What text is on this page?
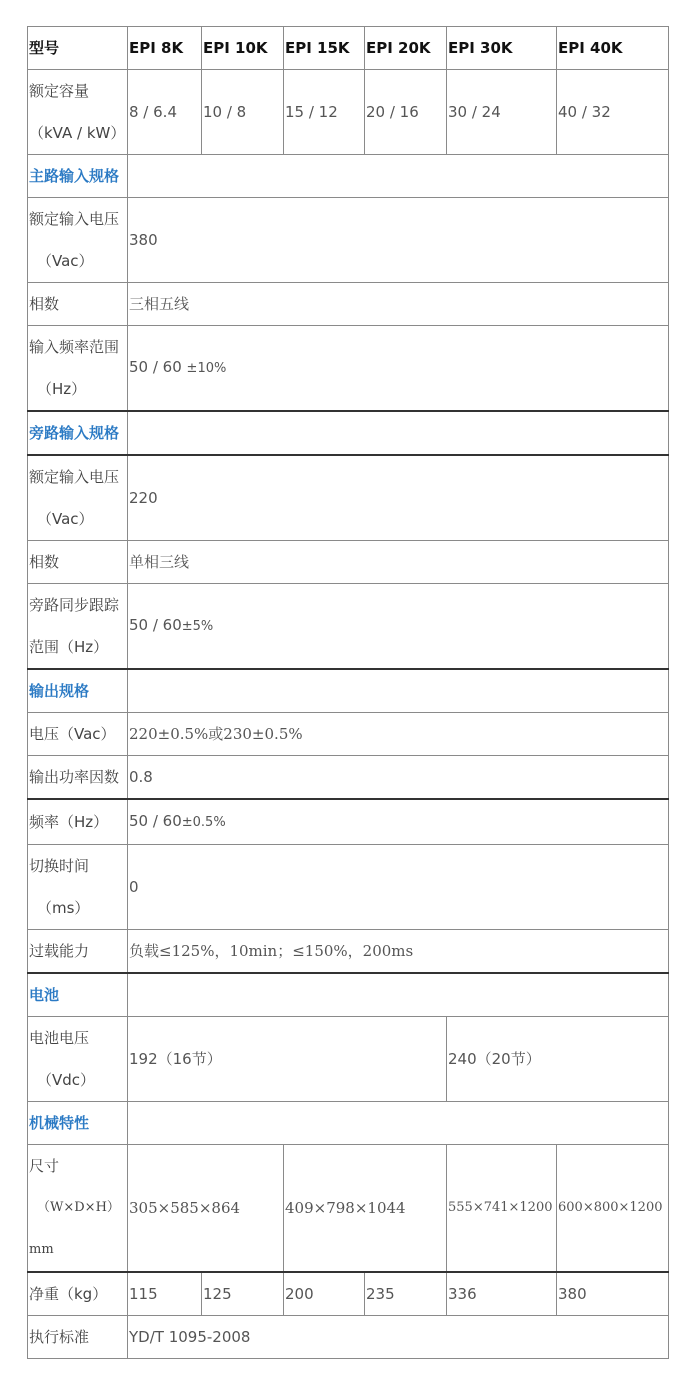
型号	EPI 8K	EPI 10K	EPI 15K	EPI 20K	EPI 30K	EPI 40K

额定容量
（kVA / kW）	8 / 6.4	10 / 8	15 / 12	20 / 16	30 / 24	40 / 32
主路输入规格						

额定输入电压
（Vac）	380					
相数	三相五线					

输入频率范围
（Hz）	50 / 60 ±10%					
旁路输入规格						

额定输入电压
（Vac）	220					
相数	单相三线					

旁路同步跟踪
范围（Hz）	50 / 60±5%					
输出规格						
电压（Vac）	220±0.5%或230±0.5%					
输出功率因数	0.8					
频率（Hz）	50 / 60±0.5%					

切换时间
（ms）	0					
过载能力	负载≤125%，10min；≤150%，200ms					
电池						

电池电压
（Vdc）	192（16节）				240（20节）	
机械特性						

尺寸
（W×D×H）
mm	305×585×864		409×798×1044		555×741×1200	600×800×1200
净重（kg）	115	125	200	235	336	380
执行标准	YD/T 1095-2008					
